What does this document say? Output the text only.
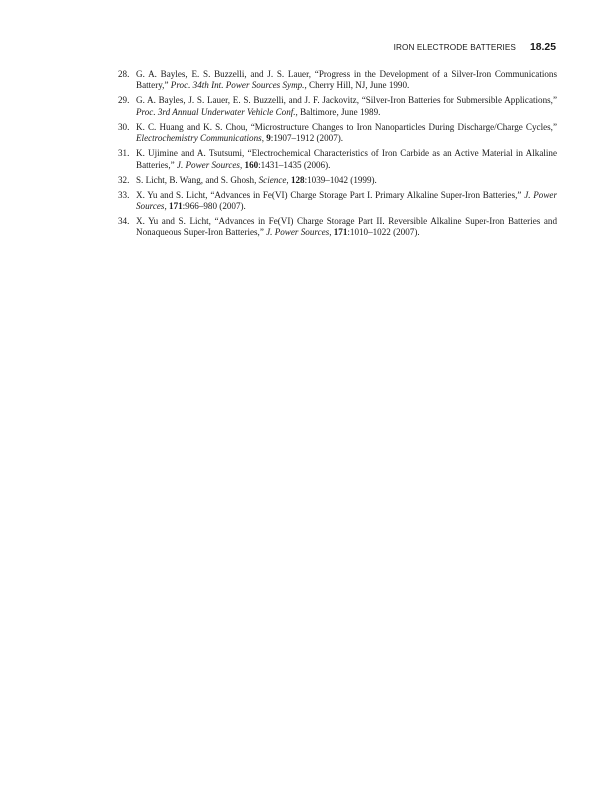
IRON ELECTRODE BATTERIES 18.25
28. G. A. Bayles, E. S. Buzzelli, and J. S. Lauer, “Progress in the Development of a Silver-Iron Communications Battery,” Proc. 34th Int. Power Sources Symp., Cherry Hill, NJ, June 1990.
29. G. A. Bayles, J. S. Lauer, E. S. Buzzelli, and J. F. Jackovitz, “Silver-Iron Batteries for Submersible Applications,” Proc. 3rd Annual Underwater Vehicle Conf., Baltimore, June 1989.
30. K. C. Huang and K. S. Chou, “Microstructure Changes to Iron Nanoparticles During Discharge/Charge Cycles,” Electrochemistry Communications, 9:1907–1912 (2007).
31. K. Ujimine and A. Tsutsumi, “Electrochemical Characteristics of Iron Carbide as an Active Material in Alkaline Batteries,” J. Power Sources, 160:1431–1435 (2006).
32. S. Licht, B. Wang, and S. Ghosh, Science, 128:1039–1042 (1999).
33. X. Yu and S. Licht, “Advances in Fe(VI) Charge Storage Part I. Primary Alkaline Super-Iron Batteries,” J. Power Sources, 171:966–980 (2007).
34. X. Yu and S. Licht, “Advances in Fe(VI) Charge Storage Part II. Reversible Alkaline Super-Iron Batteries and Nonaqueous Super-Iron Batteries,” J. Power Sources, 171:1010–1022 (2007).
